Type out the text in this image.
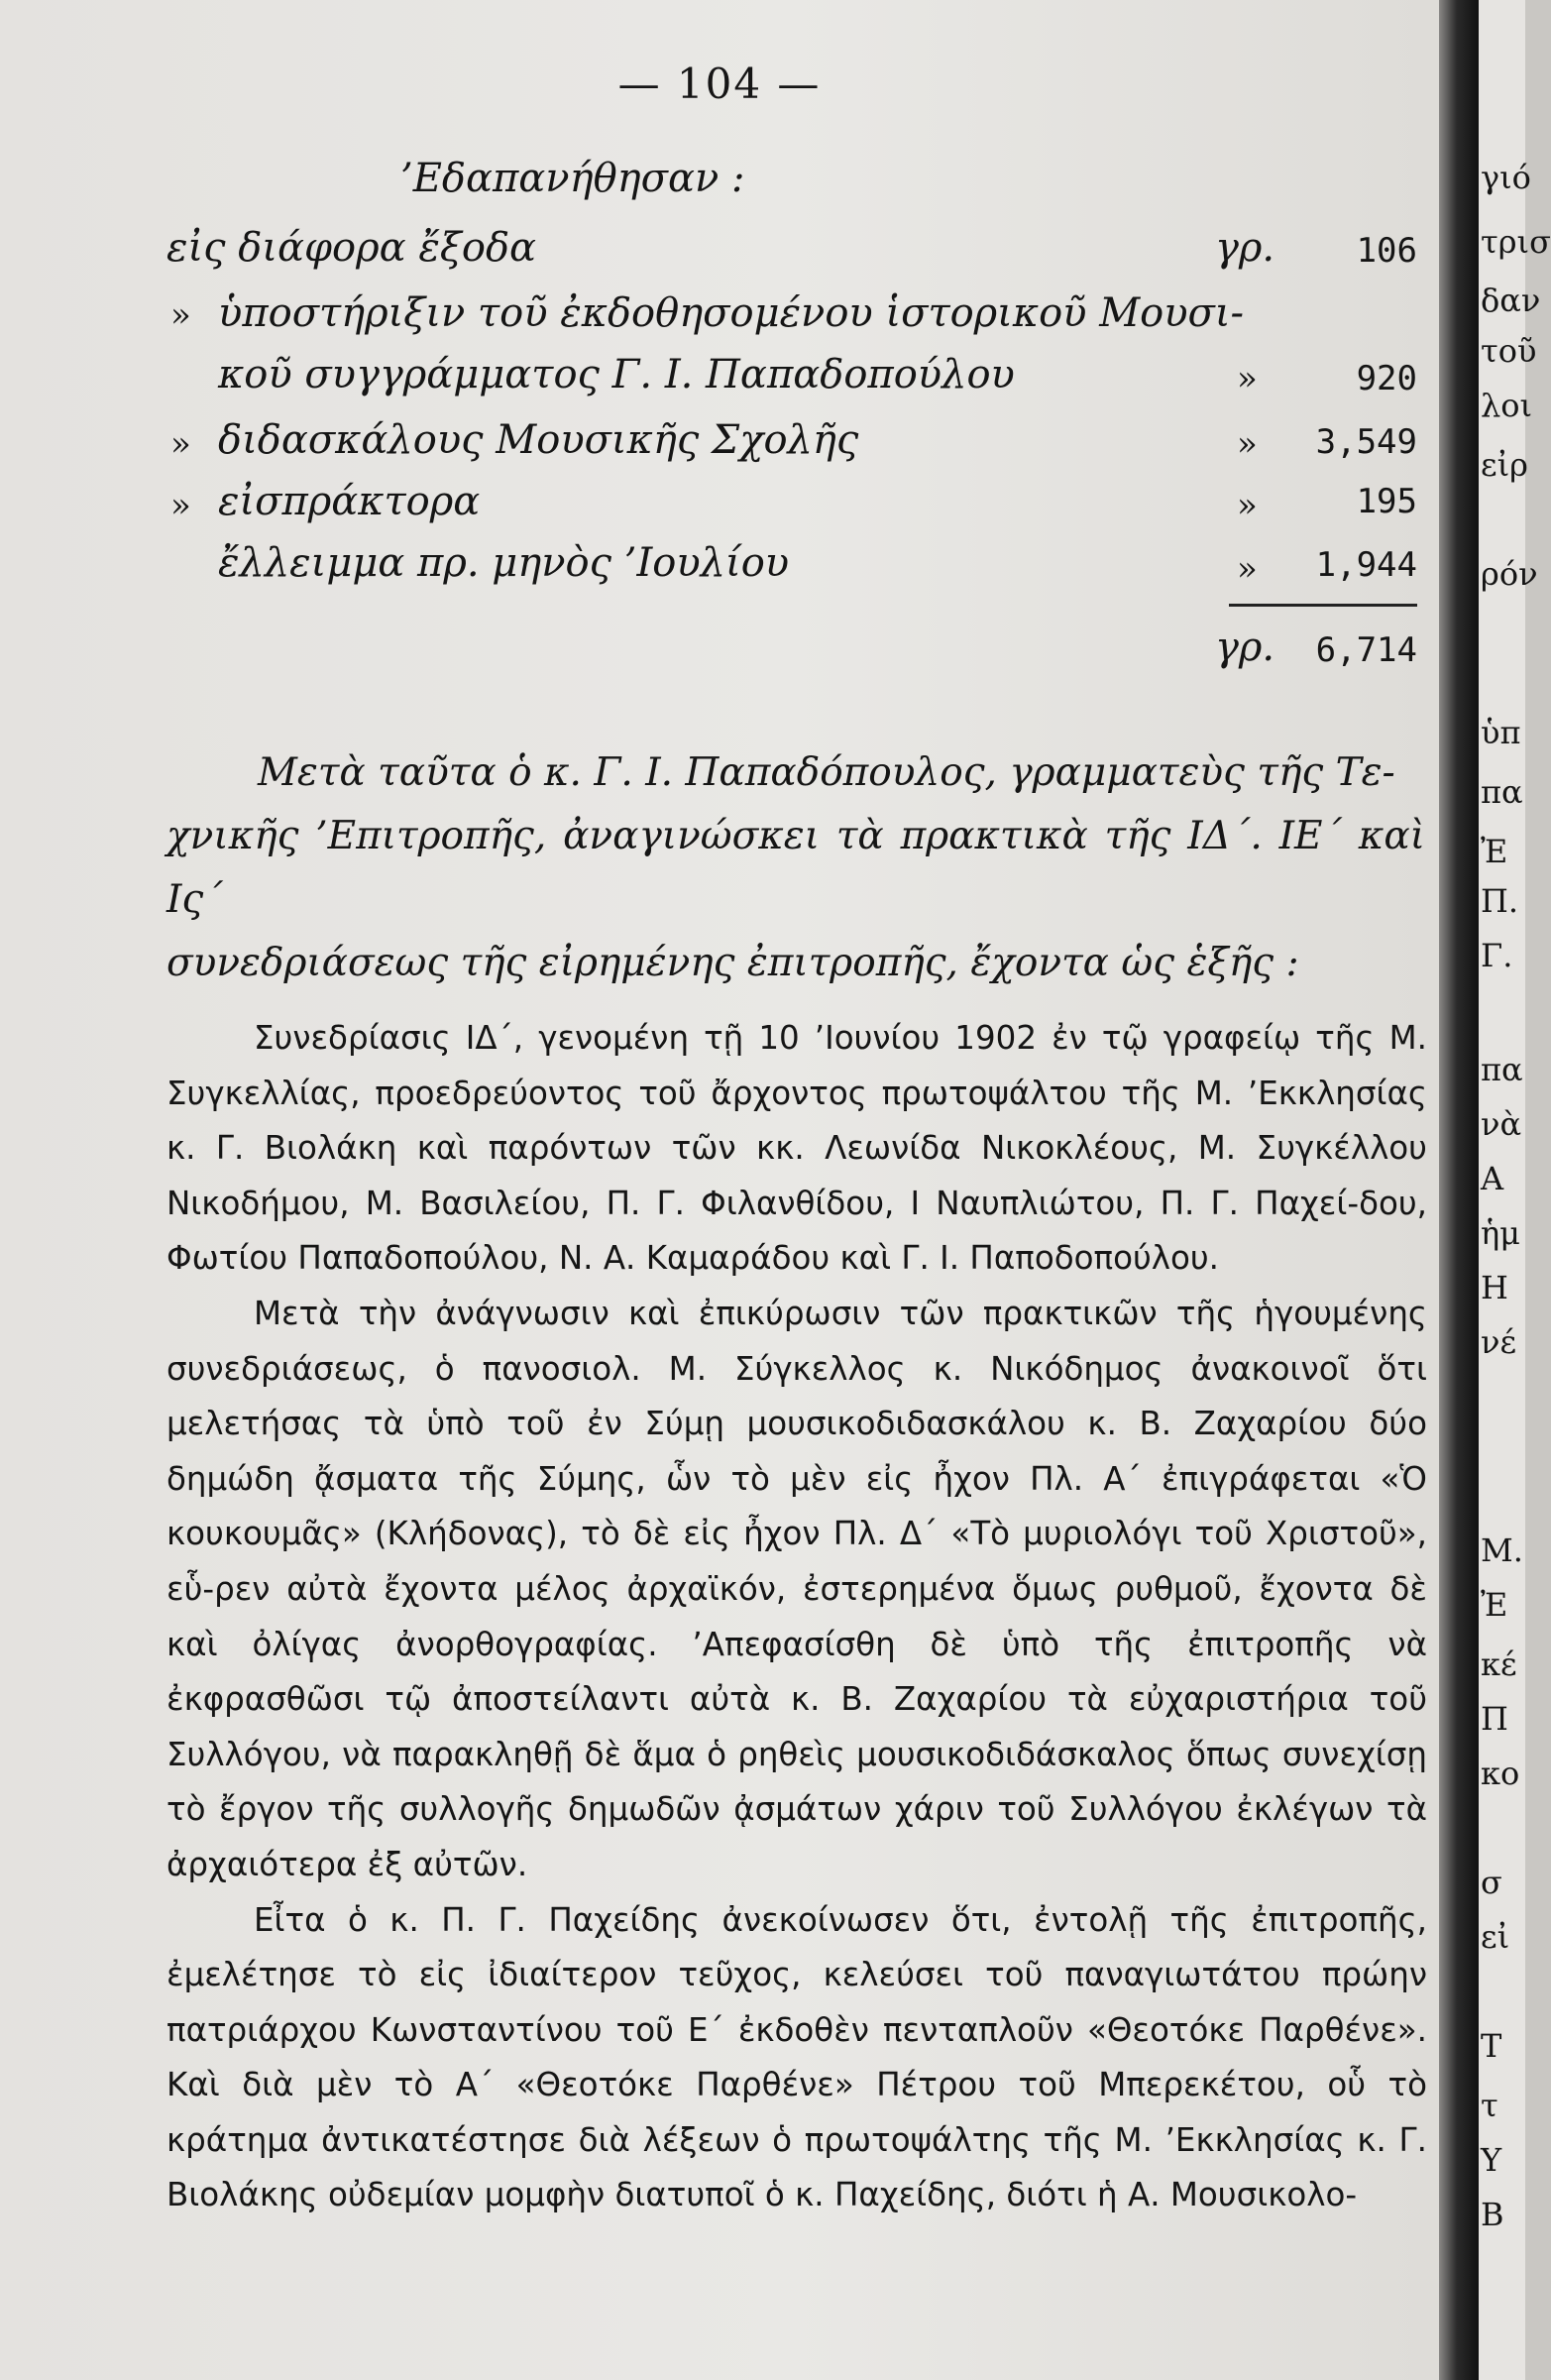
— 104 —
’Εδαπανήθησαν :
εἰς διάφορα ἔξοδα	γρ.	106
» ὑποστήριξιν τοῦ ἐκδοθησομένου ἱστορικοῦ Μουσι-
κοῦ συγγράμματος Γ. Ι. Παπαδοπούλου	»	920
» διδασκάλους Μουσικῆς Σχολῆς	»	3,549
» εἰσπράκτορα	»	195
ἔλλειμμα πρ. μηνὸς ’Ιουλίου	»	1,944
γρ.	6,714
Μετὰ ταῦτα ὁ κ. Γ. Ι. Παπαδόπουλος, γραμματεὺς τῆς Τε-
χνικῆς ’Επιτροπῆς, ἀναγινώσκει τὰ πρακτικὰ τῆς ΙΔ΄. ΙΕ΄ καὶ Ις΄
συνεδριάσεως τῆς εἰρημένης ἐπιτροπῆς, ἔχοντα ὡς ἑξῆς :

Συνεδρίασις ΙΔ΄, γενομένη τῇ 10 ’Ιουνίου 1902 ἐν τῷ γραφείῳ τῆς Μ. Συγκελλίας, προεδρεύοντος τοῦ ἄρχοντος πρωτοψάλτου τῆς Μ. ’Εκκλησίας κ. Γ. Βιολάκη καὶ παρόντων τῶν κκ. Λεωνίδα Νικοκλέους, Μ. Συγκέλλου Νικοδήμου, Μ. Βασιλείου, Π. Γ. Φιλανθίδου, Ι Ναυπλιώτου, Π. Γ. Παχεί-δου, Φωτίου Παπαδοπούλου, Ν. Α. Καμαράδου καὶ Γ. Ι. Παποδοπούλου.

Μετὰ τὴν ἀνάγνωσιν καὶ ἐπικύρωσιν τῶν πρακτικῶν τῆς ἡγουμένης συνεδριάσεως, ὁ πανοσιολ. Μ. Σύγκελλος κ. Νικόδημος ἀνακοινοῖ ὅτι μελετήσας τὰ ὑπὸ τοῦ ἐν Σύμῃ μουσικοδιδασκάλου κ. Β. Ζαχαρίου δύο δημώδη ᾄσματα τῆς Σύμης, ὧν τὸ μὲν εἰς ἦχον Πλ. Α΄ ἐπιγράφεται «Ὁ κουκουμᾶς» (Κλήδονας), τὸ δὲ εἰς ἦχον Πλ. Δ΄ «Τὸ μυριολόγι τοῦ Χριστοῦ», εὗ-ρεν αὐτὰ ἔχοντα μέλος ἀρχαϊκόν, ἐστερημένα ὅμως ρυθμοῦ, ἔχοντα δὲ καὶ ὀλίγας ἀνορθογραφίας. ’Απεφασίσθη δὲ ὑπὸ τῆς ἐπιτροπῆς νὰ ἐκφρασθῶσι τῷ ἀποστείλαντι αὐτὰ κ. Β. Ζαχαρίου τὰ εὐχαριστήρια τοῦ Συλλόγου, νὰ παρακληθῇ δὲ ἅμα ὁ ρηθεὶς μουσικοδιδάσκαλος ὅπως συνεχίσῃ τὸ ἔργον τῆς συλλογῆς δημωδῶν ᾀσμάτων χάριν τοῦ Συλλόγου ἐκλέγων τὰ ἀρχαιότερα ἐξ αὐτῶν.

Εἶτα ὁ κ. Π. Γ. Παχείδης ἀνεκοίνωσεν ὅτι, ἐντολῇ τῆς ἐπιτροπῆς, ἐμελέτησε τὸ εἰς ἰδιαίτερον τεῦχος, κελεύσει τοῦ παναγιωτάτου πρώην πατριάρχου Κωνσταντίνου τοῦ Ε΄ ἐκδοθὲν πενταπλοῦν «Θεοτόκε Παρθένε». Καὶ διὰ μὲν τὸ Α΄ «Θεοτόκε Παρθένε» Πέτρου τοῦ Μπερεκέτου, οὗ τὸ κράτημα ἀντικατέστησε διὰ λέξεων ὁ πρωτοψάλτης τῆς Μ. ’Εκκλησίας κ. Γ. Βιολάκης οὐδεμίαν μομφὴν διατυποῖ ὁ κ. Παχείδης, διότι ἡ Α. Μουσικολο-

γιό
τρισ
δαν
τοῦ
λοι
εἰρ
ρόν
ὑπ
πα
Ἐ
Π.
Γ.
πα
νὰ
Α
ἡμ
Η
νέ
Μ.
Ἐ
κέ
Π
κο
σ
εἰ
Τ
τ
Υ
Β
